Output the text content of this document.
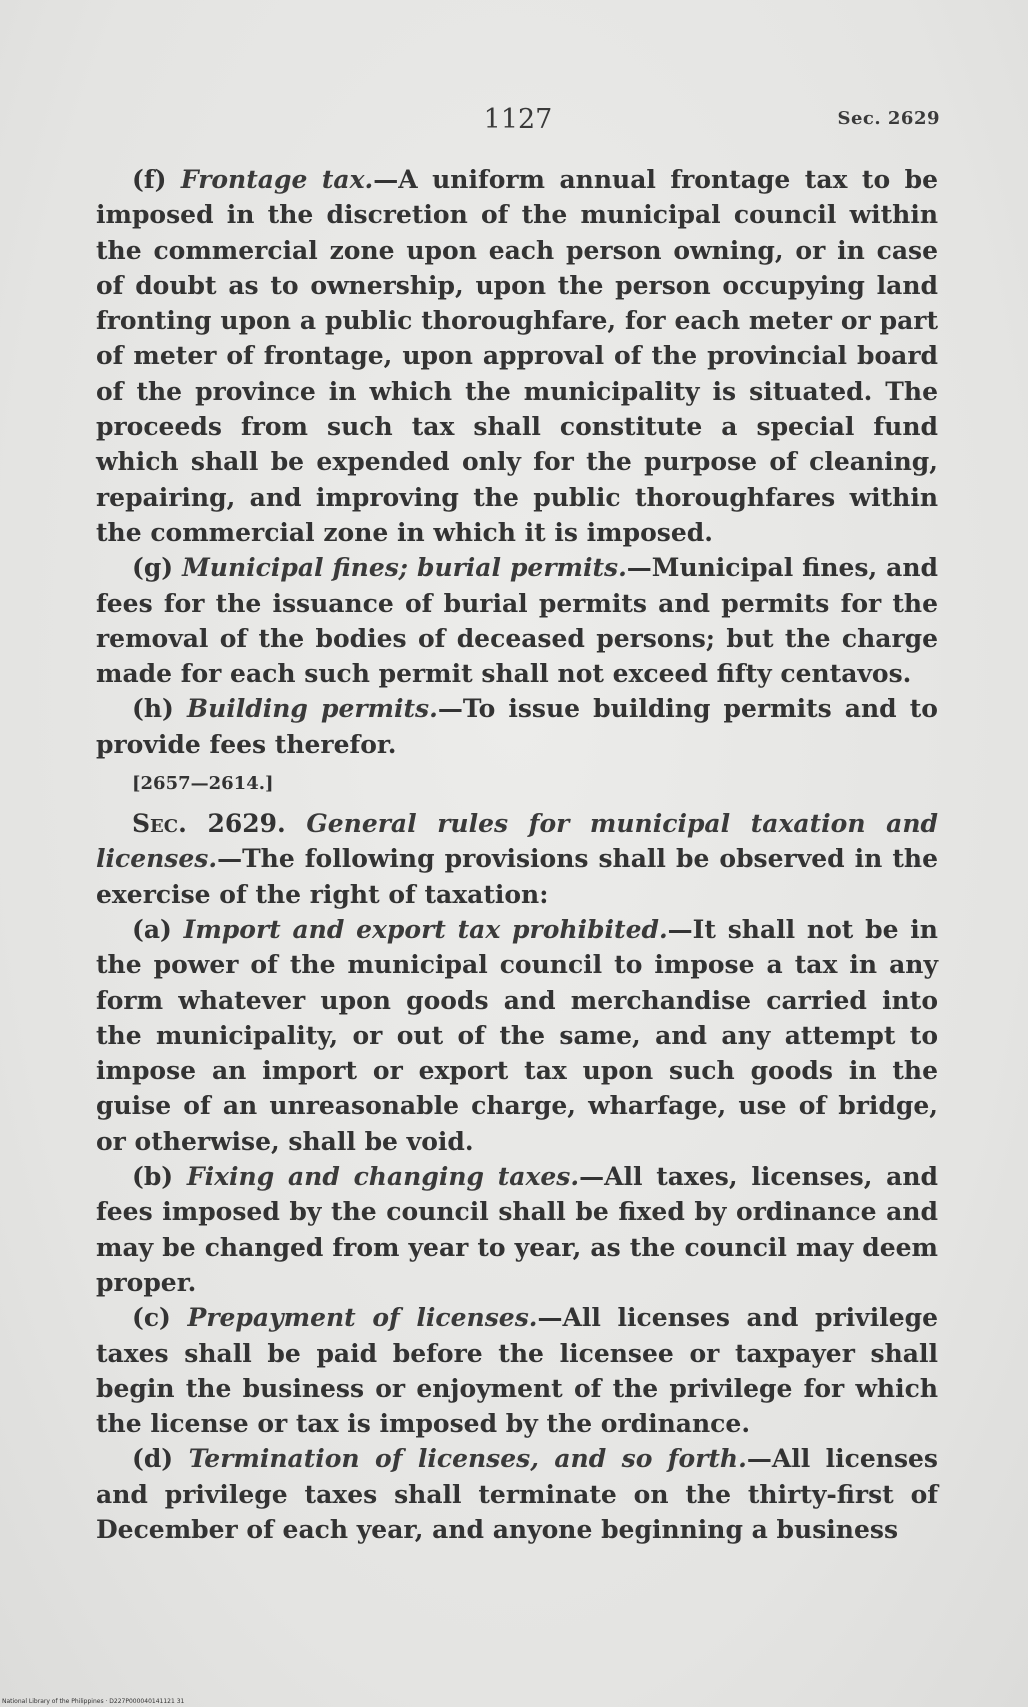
1127	Sec. 2629

(f) Frontage tax.—A uniform annual frontage tax to be imposed in the discretion of the municipal council within the commercial zone upon each person owning, or in case of doubt as to ownership, upon the person occupying land fronting upon a public thoroughfare, for each meter or part of meter of frontage, upon approval of the provincial board of the province in which the municipality is situated. The proceeds from such tax shall constitute a special fund which shall be expended only for the purpose of cleaning, repairing, and improving the public thoroughfares within the commercial zone in which it is imposed.

(g) Municipal fines; burial permits.—Municipal fines, and fees for the issuance of burial permits and permits for the removal of the bodies of deceased persons; but the charge made for each such permit shall not exceed fifty centavos.

(h) Building permits.—To issue building permits and to provide fees therefor.

[2657—2614.]

Sec. 2629. General rules for municipal taxation and licenses.—The following provisions shall be observed in the exercise of the right of taxation:

(a) Import and export tax prohibited.—It shall not be in the power of the municipal council to impose a tax in any form whatever upon goods and merchandise carried into the municipality, or out of the same, and any attempt to impose an import or export tax upon such goods in the guise of an unreasonable charge, wharfage, use of bridge, or otherwise, shall be void.

(b) Fixing and changing taxes.—All taxes, licenses, and fees imposed by the council shall be fixed by ordinance and may be changed from year to year, as the council may deem proper.

(c) Prepayment of licenses.—All licenses and privilege taxes shall be paid before the licensee or taxpayer shall begin the business or enjoyment of the privilege for which the license or tax is imposed by the ordinance.

(d) Termination of licenses, and so forth.—All licenses and privilege taxes shall terminate on the thirty-first of December of each year, and anyone beginning a business

National Library of the Philippines · D227P000040141121 31
